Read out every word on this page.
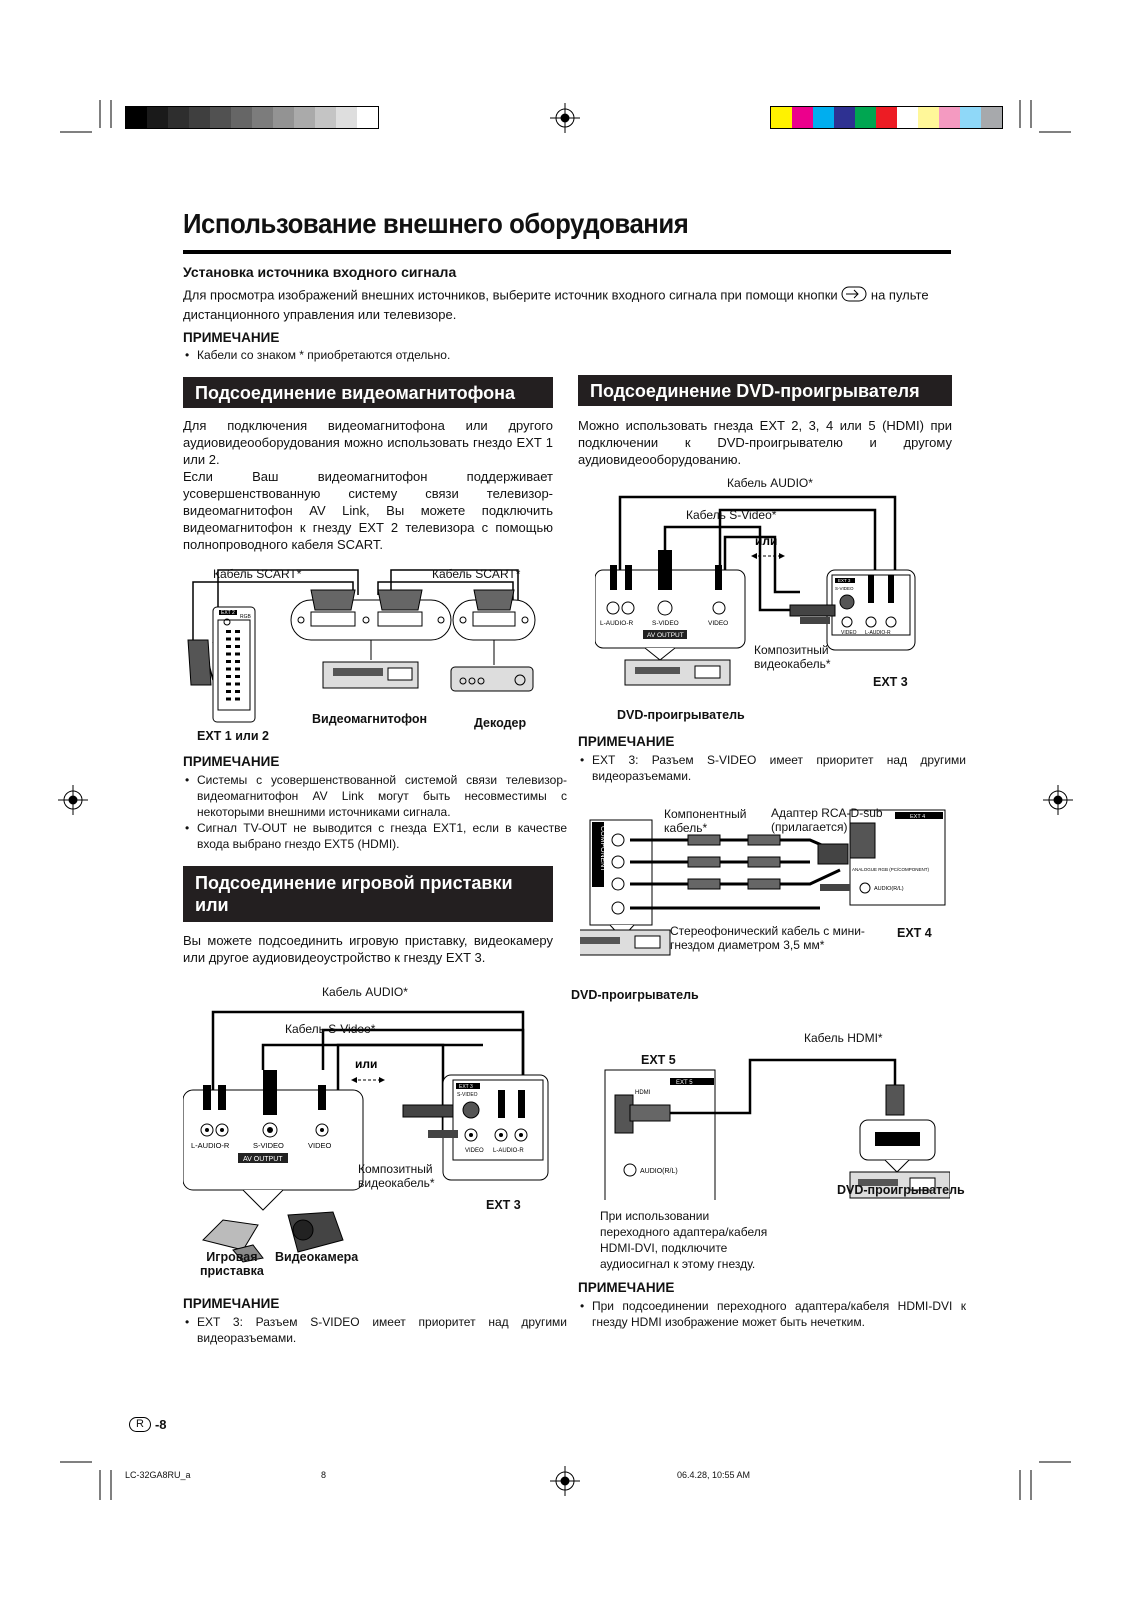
Использование внешнего оборудования
Установка источника входного сигнала
Для просмотра изображений внешних источников, выберите источник входного сигнала при помощи кнопки	на пульте дистанционного управления или телевизоре.
ПРИМЕЧАНИЕ
• Кабели со знаком * приобретаются отдельно.
Подсоединение видеомагнитофона
Для подключения видеомагнитофона или другого аудиовидеооборудования можно использовать гнездо EXT 1 или 2.
Если Ваш видеомагнитофон поддерживает усовершенствованную систему связи телевизор-видеомагнитофон AV Link, Вы можете подключить видеомагнитофон к гнезду EXT 2 телевизора с помощью полнопроводного кабеля SCART.
EXT 2
RGB
Кабель SCART*	Кабель SCART*
Видеомагнитофон	Декодер
EXT 1 или 2
ПРИМЕЧАНИЕ
• Системы с усовершенствованной системой связи телевизор-видеомагнитофон AV Link могут быть несовместимы с некоторыми внешними источниками сигнала.
• Сигнал TV-OUT не выводится с гнезда EXT1, если в качестве входа выбрано гнездо EXT5 (HDMI).
Подсоединение игровой приставки или
видеокамеры
Вы можете подсоединить игровую приставку, видеокамеру или другое аудиовидеоустройство к гнезду EXT 3.
или
L-AUDIO-R	S-VIDEO	VIDEO
AV OUTPUT
EXT 3
S-VIDEO
VIDEO L-AUDIO-R
Кабель AUDIO*
Кабель S-Video*
Композитный
видеокабель*
EXT 3
Игровая
приставка
Видеокамера
ПРИМЕЧАНИЕ
• EXT 3: Разъем S-VIDEO имеет приоритет над другими видеоразъемами.
Подсоединение DVD-проигрывателя
Можно использовать гнезда EXT 2, 3, 4 или 5 (HDMI) при подключении к DVD-проигрывателю и другому аудиовидеооборудованию.
или
L-AUDIO-R	S-VIDEO	VIDEO
AV OUTPUT
EXT 3
S-VIDEO
VIDEO L-AUDIO-R
Кабель AUDIO*
Кабель S-Video*
Композитный
видеокабель*
EXT 3
DVD-проигрыватель
ПРИМЕЧАНИЕ
• EXT 3: Разъем S-VIDEO имеет приоритет над другими видеоразъемами.
COMPONENT
EXT 4
ANALOGUE RGB (PC/COMPONENT)
AUDIO(R/L)
Компонентный
кабель*
Адаптер RCA-D-sub
(прилагается)
Стереофонический кабель с мини-
гнездом диаметром 3,5 мм*
EXT 4
DVD-проигрыватель
EXT 5
Кабель HDMI*
EXT 5
HDMI
AUDIO(R/L)
DVD-проигрыватель
При использовании
переходного адаптера/кабеля
HDMI-DVI, подключите
аудиосигнал к этому гнезду.
ПРИМЕЧАНИЕ
• При подсоединении переходного адаптера/кабеля HDMI-DVI к гнезду HDMI изображение может быть нечетким.
R -8
LC-32GA8RU_a	8	06.4.28, 10:55 AM
